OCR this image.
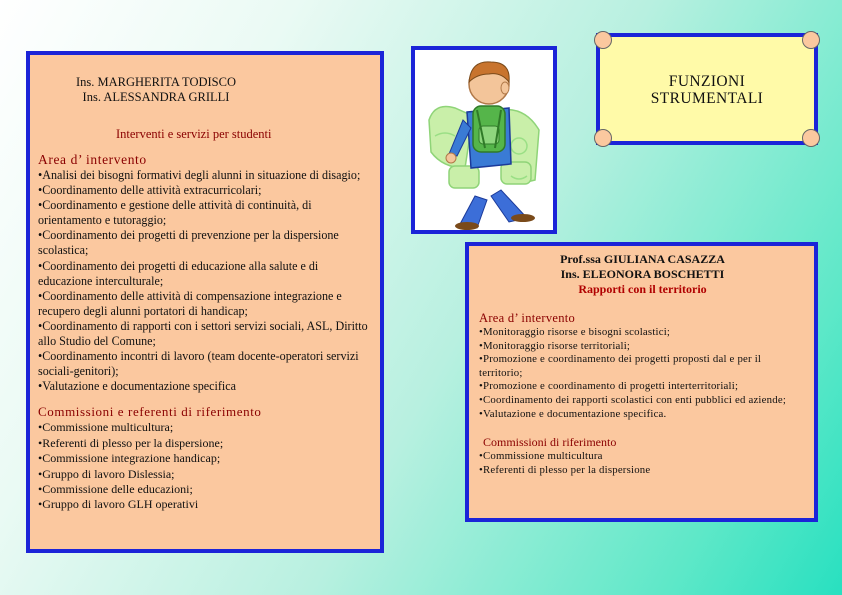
Ins. MARGHERITA TODISCO
Ins. ALESSANDRA GRILLI
Interventi e servizi per studenti
Area d’ intervento
• Analisi dei bisogni formativi degli alunni in situazione di disagio;
• Coordinamento delle attività extracurricolari;
• Coordinamento e gestione delle attività di continuità, di orientamento e tutoraggio;
• Coordinamento dei progetti di prevenzione per la dispersione scolastica;
• Coordinamento dei progetti di educazione alla salute e di educazione interculturale;
• Coordinamento delle attività di compensazione integrazione e recupero degli alunni portatori di handicap;
• Coordinamento di rapporti con i settori servizi sociali, ASL, Diritto allo Studio del Comune;
• Coordinamento incontri di lavoro (team docente-operatori servizi sociali-genitori);
• Valutazione e documentazione specifica
Commissioni e referenti di riferimento
• Commissione multicultura;
• Referenti di plesso per la dispersione;
• Commissione integrazione handicap;
• Gruppo di lavoro Dislessia;
• Commissione delle educazioni;
• Gruppo di lavoro GLH operativi
FUNZIONI
STRUMENTALI
Prof.ssa GIULIANA CASAZZA
Ins. ELEONORA BOSCHETTI
Rapporti con il territorio
Area d’ intervento
• Monitoraggio risorse e bisogni scolastici;
• Monitoraggio risorse territoriali;
• Promozione e coordinamento dei progetti proposti dal e per il territorio;
• Promozione e coordinamento di progetti interterritoriali;
• Coordinamento dei rapporti scolastici con enti pubblici ed aziende;
• Valutazione e documentazione specifica.
Commissioni di riferimento
• Commissione multicultura
• Referenti di plesso per la dispersione
